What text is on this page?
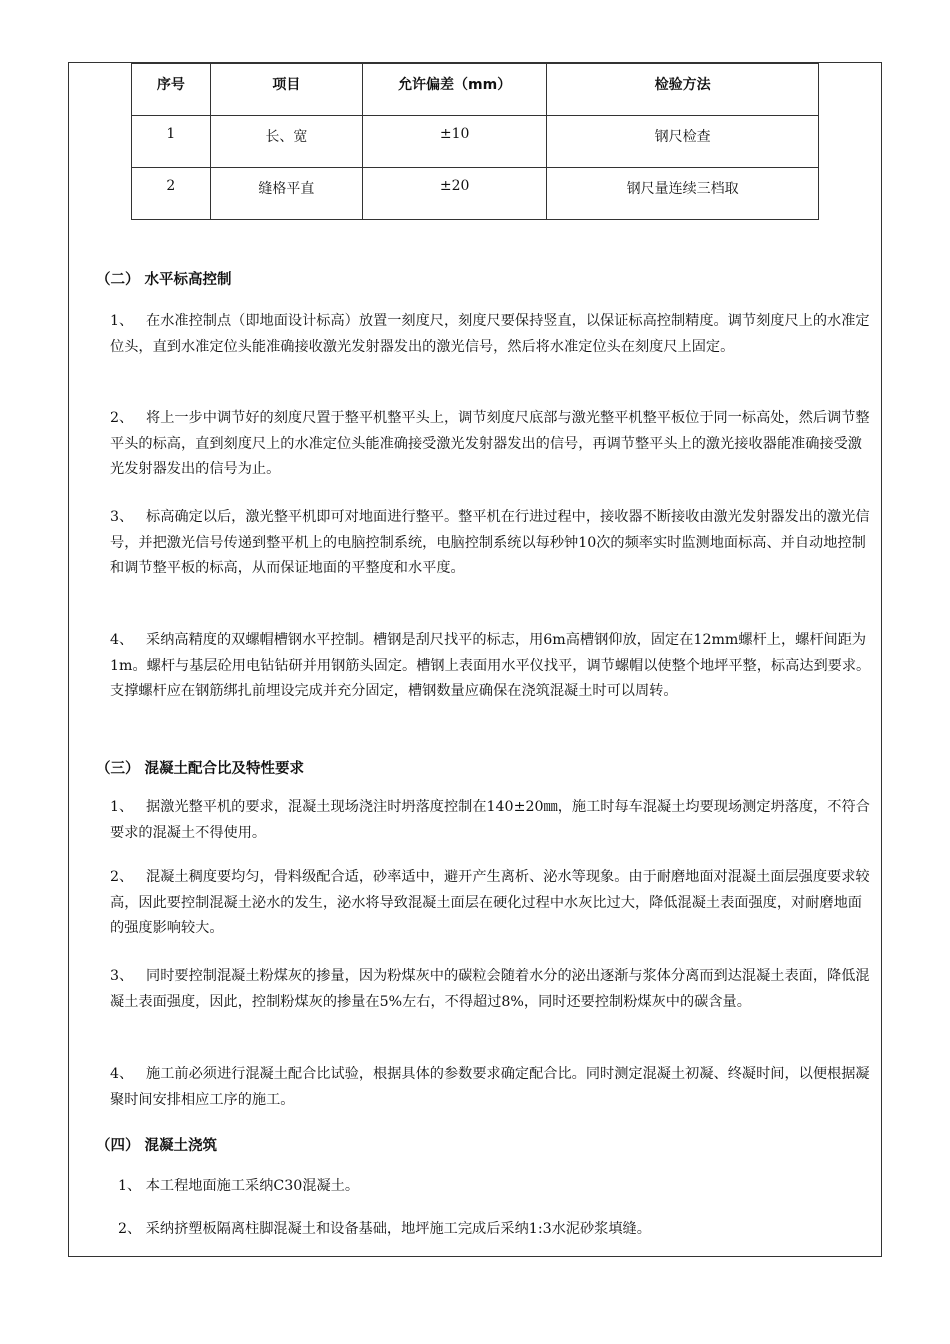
序号	项目	允许偏差（mm）	检验方法

1	长、宽	±10	钢尺检查

2	缝格平直	±20	钢尺量连续三档取
（二） 水平标高控制
1、 在水准控制点（即地面设计标高）放置一刻度尺，刻度尺要保持竖直，以保证标高控制精度。调节刻度尺上的水准定位头，直到水准定位头能准确接收激光发射器发出的激光信号，然后将水准定位头在刻度尺上固定。
2、 将上一步中调节好的刻度尺置于整平机整平头上，调节刻度尺底部与激光整平机整平板位于同一标高处，然后调节整平头的标高，直到刻度尺上的水准定位头能准确接受激光发射器发出的信号，再调节整平头上的激光接收器能准确接受激光发射器发出的信号为止。
3、 标高确定以后，激光整平机即可对地面进行整平。整平机在行进过程中，接收器不断接收由激光发射器发出的激光信号，并把激光信号传递到整平机上的电脑控制系统，电脑控制系统以每秒钟10次的频率实时监测地面标高、并自动地控制和调节整平板的标高，从而保证地面的平整度和水平度。
4、 采纳高精度的双螺帽槽钢水平控制。槽钢是刮尺找平的标志，用6m高槽钢仰放，固定在12mm螺杆上，螺杆间距为1m。螺杆与基层砼用电钻钻研并用钢筋头固定。槽钢上表面用水平仪找平，调节螺帽以使整个地坪平整，标高达到要求。支撑螺杆应在钢筋绑扎前埋设完成并充分固定，槽钢数量应确保在浇筑混凝土时可以周转。
（三） 混凝土配合比及特性要求
1、 据激光整平机的要求，混凝土现场浇注时坍落度控制在140±20㎜，施工时每车混凝土均要现场测定坍落度，不符合要求的混凝土不得使用。
2、 混凝土稠度要均匀，骨料级配合适，砂率适中，避开产生离析、泌水等现象。由于耐磨地面对混凝土面层强度要求较高，因此要控制混凝土泌水的发生，泌水将导致混凝土面层在硬化过程中水灰比过大，降低混凝土表面强度，对耐磨地面的强度影响较大。
3、 同时要控制混凝土粉煤灰的掺量，因为粉煤灰中的碳粒会随着水分的泌出逐渐与浆体分离而到达混凝土表面，降低混凝土表面强度，因此，控制粉煤灰的掺量在5%左右，不得超过8%，同时还要控制粉煤灰中的碳含量。
4、 施工前必须进行混凝土配合比试验，根据具体的参数要求确定配合比。同时测定混凝土初凝、终凝时间，以便根据凝聚时间安排相应工序的施工。
（四） 混凝土浇筑
1、 本工程地面施工采纳C30混凝土。
2、 采纳挤塑板隔离柱脚混凝土和设备基础，地坪施工完成后采纳1:3水泥砂浆填缝。
